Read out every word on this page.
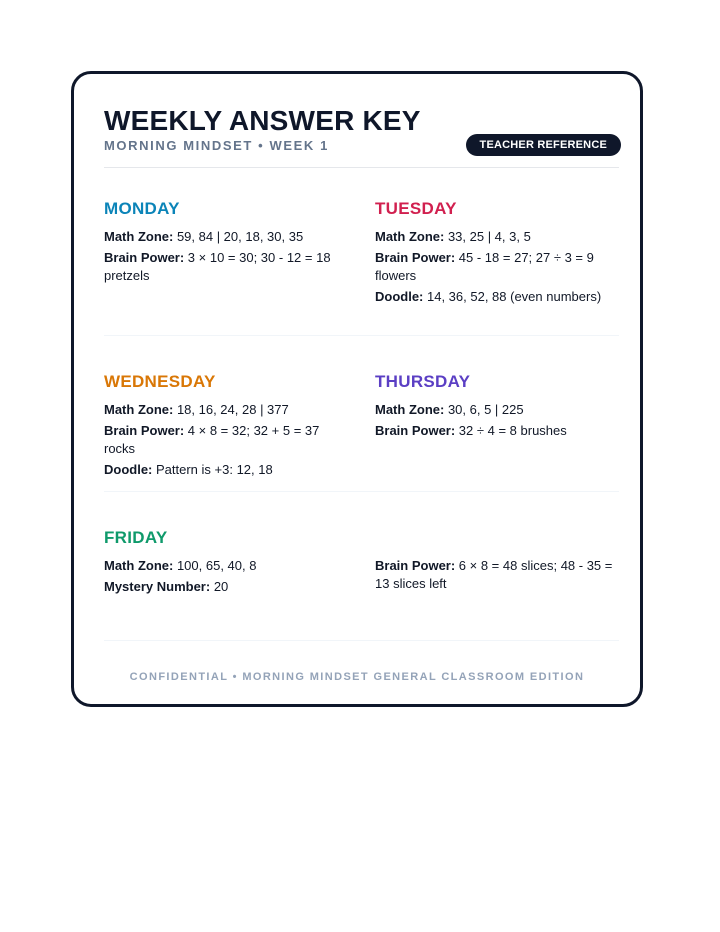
WEEKLY ANSWER KEY
MORNING MINDSET • WEEK 1	TEACHER REFERENCE
MONDAY
Math Zone: 59, 84 | 20, 18, 30, 35
Brain Power: 3 × 10 = 30; 30 - 12 = 18 pretzels
TUESDAY
Math Zone: 33, 25 | 4, 3, 5
Brain Power: 45 - 18 = 27; 27 ÷ 3 = 9 flowers
Doodle: 14, 36, 52, 88 (even numbers)
WEDNESDAY
Math Zone: 18, 16, 24, 28 | 377
Brain Power: 4 × 8 = 32; 32 + 5 = 37 rocks
Doodle: Pattern is +3: 12, 18
THURSDAY
Math Zone: 30, 6, 5 | 225
Brain Power: 32 ÷ 4 = 8 brushes
FRIDAY
Math Zone: 100, 65, 40, 8
Mystery Number: 20
Brain Power: 6 × 8 = 48 slices; 48 - 35 = 13 slices left
CONFIDENTIAL • MORNING MINDSET GENERAL CLASSROOM EDITION
